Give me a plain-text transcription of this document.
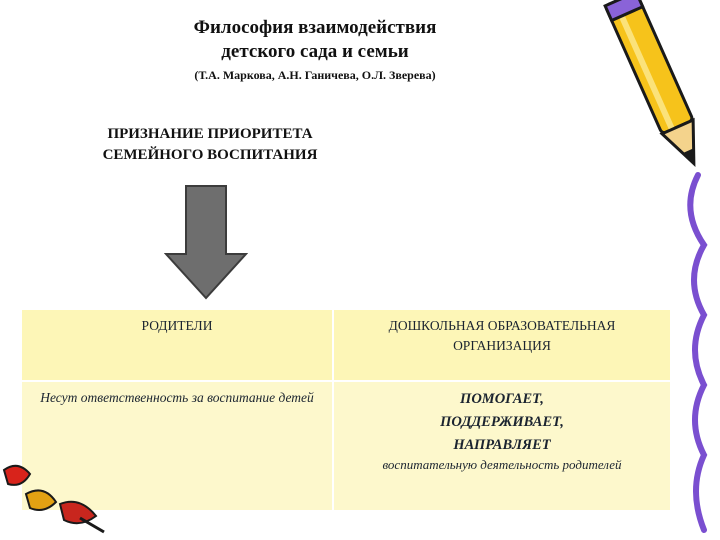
Философия взаимодействия
детского сада и семьи
(Т.А. Маркова, А.Н. Ганичева, О.Л. Зверева)
ПРИЗНАНИЕ ПРИОРИТЕТА
СЕМЕЙНОГО ВОСПИТАНИЯ
РОДИТЕЛИ	ДОШКОЛЬНАЯ ОБРАЗОВАТЕЛЬНАЯ ОРГАНИЗАЦИЯ
Несут ответственность за воспитание детей	ПОМОГАЕТ,
ПОДДЕРЖИВАЕТ,
НАПРАВЛЯЕТ
воспитательную деятельность родителей
